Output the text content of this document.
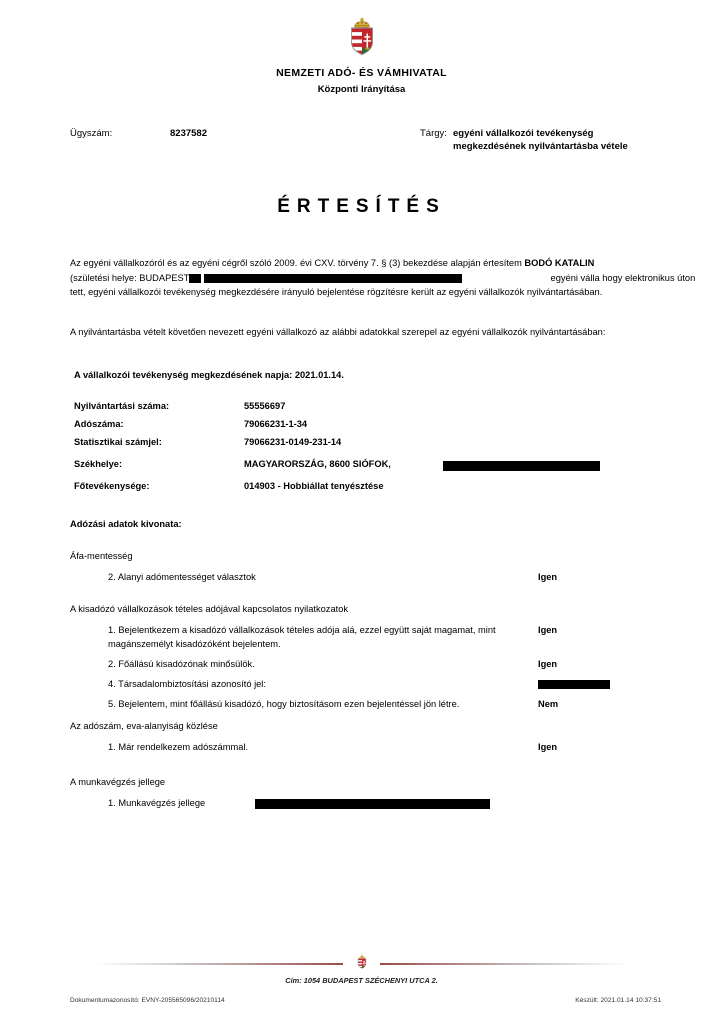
NEMZETI ADÓ- ÉS VÁMHIVATAL
Központi Irányítása
Ügyszám:	8237582	Tárgy: egyéni vállalkozói tevékenység megkezdésének nyilvántartásba vétele
ÉRTESÍTÉS
Az egyéni vállalkozóról és az egyéni cégről szóló 2009. évi CXV. törvény 7. § (3) bekezdése alapján értesítem BODÓ KATALIN (születési helye: BUDAPEST	egyéni válla hogy elektronikus úton tett, egyéni vállalkozói tevékenység megkezdésére irányuló bejelentése rögzítésre került az egyéni vállalkozók nyilvántartásában.
A nyilvántartásba vételt követően nevezett egyéni vállalkozó az alábbi adatokkal szerepel az egyéni vállalkozók nyilvántartásában:
A vállalkozói tevékenység megkezdésének napja: 2021.01.14.
Nyilvántartási száma:	55556697
Adószáma:	79066231-1-34
Statisztikai számjel:	79066231-0149-231-14
Székhelye:	MAGYARORSZÁG, 8600 SIÓFOK,
Főtevékenysége:	014903 - Hobbiállat tenyésztése
Adózási adatok kivonata:
Áfa-mentesség
2. Alanyi adómentességet választok	Igen
A kisadózó vállalkozások tételes adójával kapcsolatos nyilatkozatok
1. Bejelentkezem a kisadózó vállalkozások tételes adója alá, ezzel együtt saját magamat, mint magánszemélyt kisadózóként bejelentem.
Igen
2. Főállású kisadózónak minősülök.	Igen
4. Társadalombiztosítási azonosító jel:
5. Bejelentem, mint főállású kisadózó, hogy biztosításom ezen bejelentéssel jön létre.	Nem
Az adószám, eva-alanyiság közlése
1. Már rendelkezem adószámmal.	Igen
A munkavégzés jellege
1. Munkavégzés jellege
Cím: 1054 BUDAPEST SZÉCHENYI UTCA 2.
Dokumentumazonosító: EVNY-205565096/20210114	Készült: 2021.01.14 10:37:51
